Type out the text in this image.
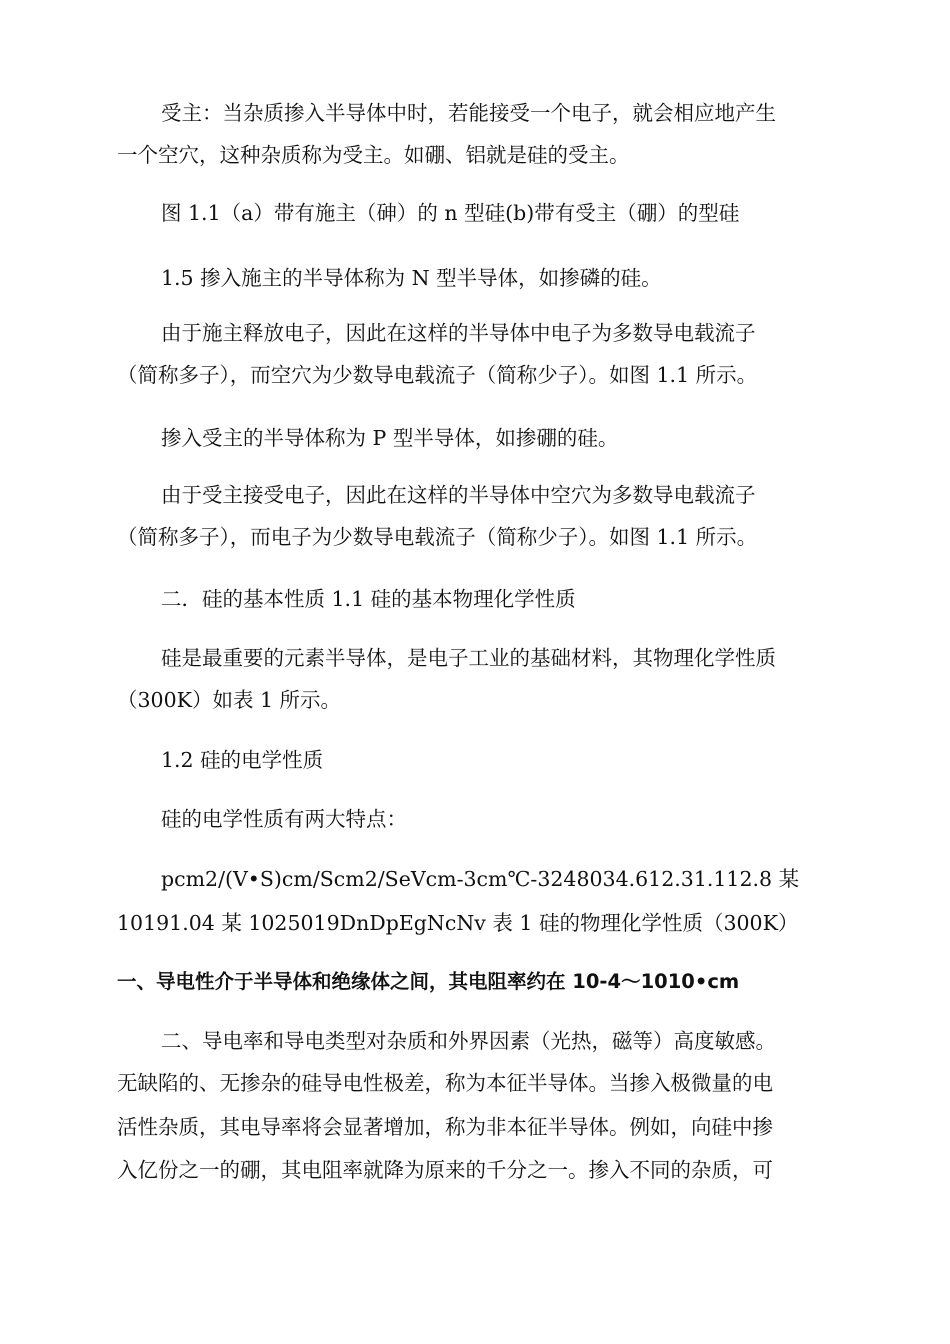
受主：当杂质掺入半导体中时，若能接受一个电子，就会相应地产生
一个空穴，这种杂质称为受主。如硼、铝就是硅的受主。
图 1.1（a）带有施主（砷）的 n 型硅(b)带有受主（硼）的型硅
1.5 掺入施主的半导体称为 N 型半导体，如掺磷的硅。
由于施主释放电子，因此在这样的半导体中电子为多数导电载流子
（简称多子），而空穴为少数导电载流子（简称少子）。如图 1.1 所示。
掺入受主的半导体称为 P 型半导体，如掺硼的硅。
由于受主接受电子，因此在这样的半导体中空穴为多数导电载流子
（简称多子），而电子为少数导电载流子（简称少子）。如图 1.1 所示。
二．硅的基本性质 1.1 硅的基本物理化学性质
硅是最重要的元素半导体，是电子工业的基础材料，其物理化学性质
（300K）如表 1 所示。
1.2 硅的电学性质
硅的电学性质有两大特点：
pcm2/(V•S)cm/Scm2/SeVcm-3cm℃-3248034.612.31.112.8 某
10191.04 某 1025019DnDpEgNcNv 表 1 硅的物理化学性质（300K）
一、导电性介于半导体和绝缘体之间，其电阻率约在 10-4～1010•cm
二、导电率和导电类型对杂质和外界因素（光热，磁等）高度敏感。
无缺陷的、无掺杂的硅导电性极差，称为本征半导体。当掺入极微量的电
活性杂质，其电导率将会显著增加，称为非本征半导体。例如，向硅中掺
入亿份之一的硼，其电阻率就降为原来的千分之一。掺入不同的杂质，可
